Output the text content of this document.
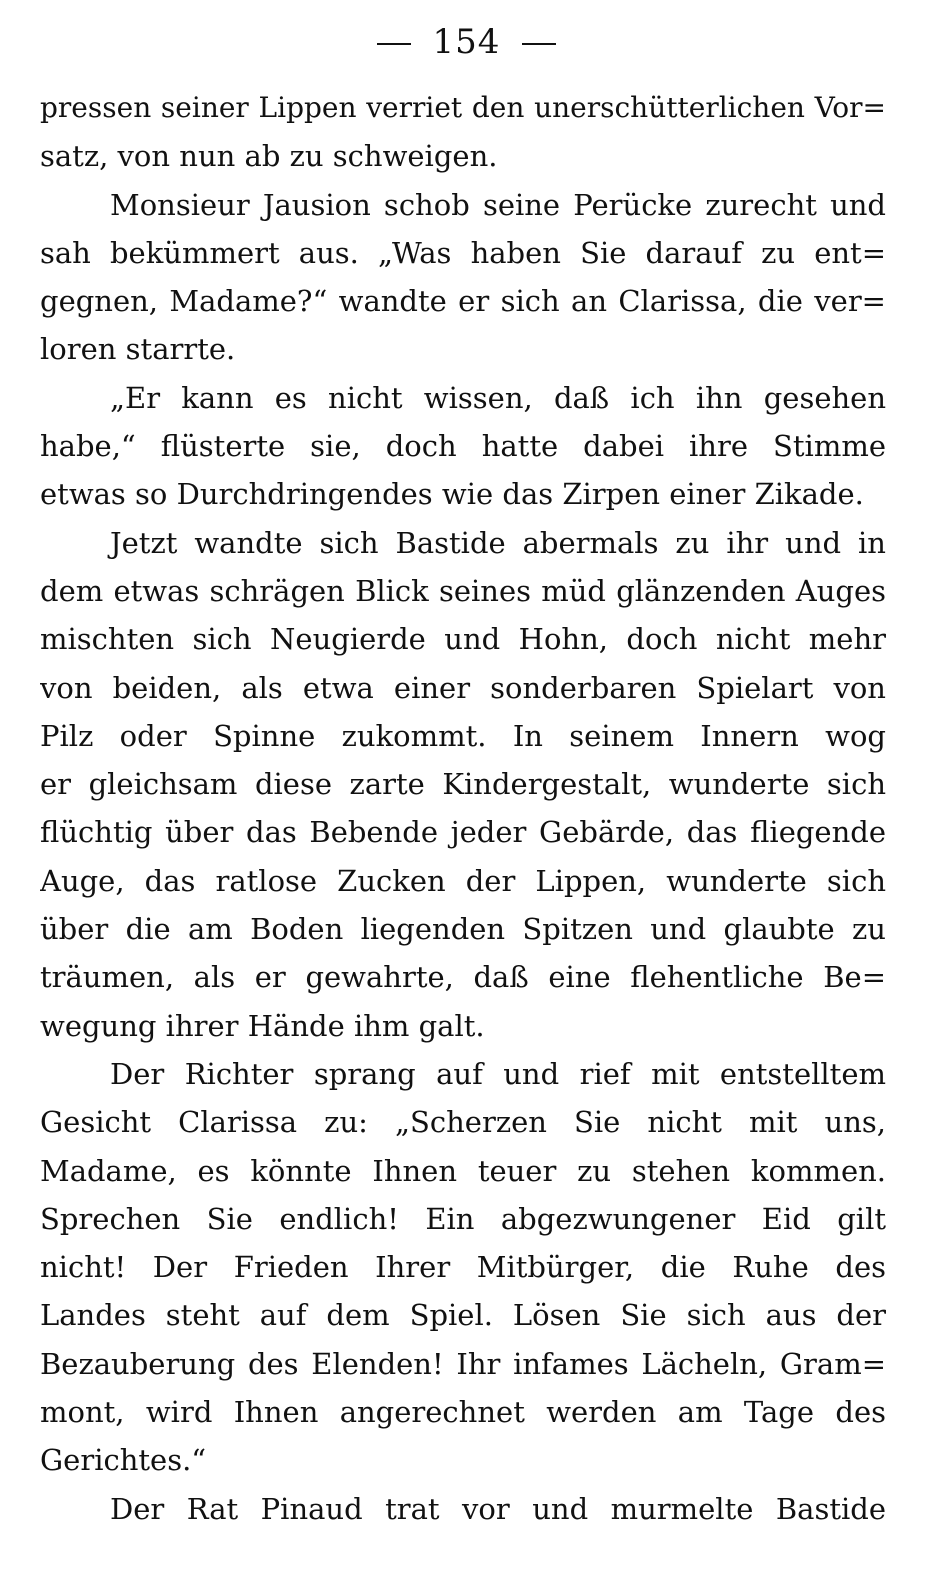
154
pressen seiner Lippen verriet den unerschütterlichen Vor=
satz, von nun ab zu schweigen.
Monsieur Jausion schob seine Perücke zurecht und
sah bekümmert aus. „Was haben Sie darauf zu ent=
gegnen, Madame?“ wandte er sich an Clarissa, die ver=
loren starrte.
„Er kann es nicht wissen, daß ich ihn gesehen
habe,“ flüsterte sie, doch hatte dabei ihre Stimme
etwas so Durchdringendes wie das Zirpen einer Zikade.
Jetzt wandte sich Bastide abermals zu ihr und in
dem etwas schrägen Blick seines müd glänzenden Auges
mischten sich Neugierde und Hohn, doch nicht mehr
von beiden, als etwa einer sonderbaren Spielart von
Pilz oder Spinne zukommt. In seinem Innern wog
er gleichsam diese zarte Kindergestalt, wunderte sich
flüchtig über das Bebende jeder Gebärde, das fliegende
Auge, das ratlose Zucken der Lippen, wunderte sich
über die am Boden liegenden Spitzen und glaubte zu
träumen, als er gewahrte, daß eine flehentliche Be=
wegung ihrer Hände ihm galt.
Der Richter sprang auf und rief mit entstelltem
Gesicht Clarissa zu: „Scherzen Sie nicht mit uns,
Madame, es könnte Ihnen teuer zu stehen kommen.
Sprechen Sie endlich! Ein abgezwungener Eid gilt
nicht! Der Frieden Ihrer Mitbürger, die Ruhe des
Landes steht auf dem Spiel. Lösen Sie sich aus der
Bezauberung des Elenden! Ihr infames Lächeln, Gram=
mont, wird Ihnen angerechnet werden am Tage des
Gerichtes.“
Der Rat Pinaud trat vor und murmelte Bastide
